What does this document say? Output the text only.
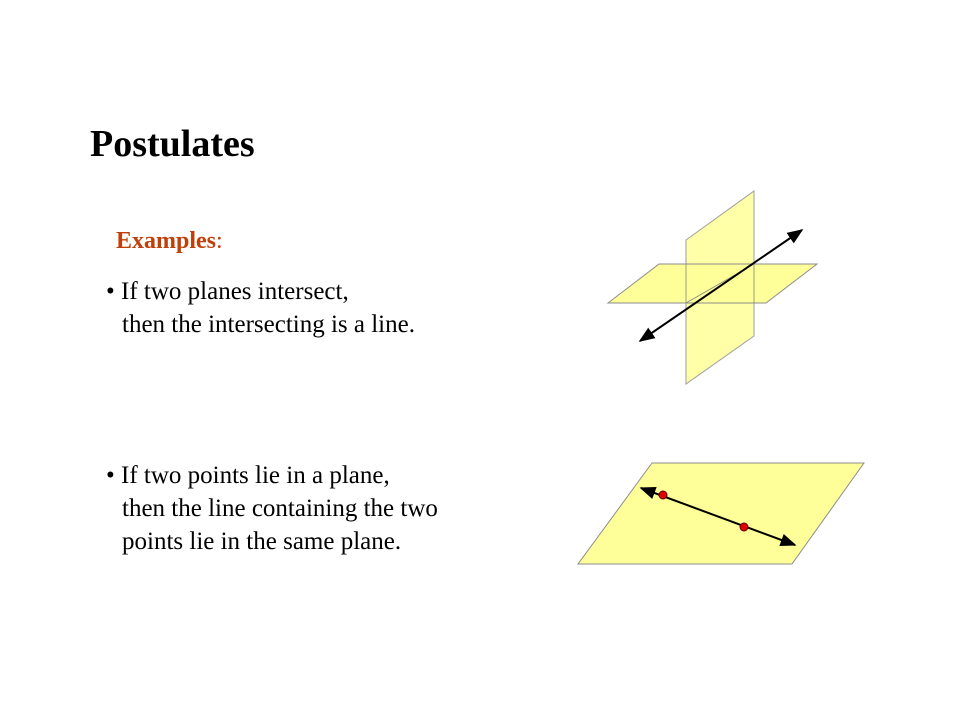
Postulates
Examples:
• If two planes intersect,
then the intersecting is a line.
• If two points lie in a plane,
then the line containing the two
points lie in the same plane.
